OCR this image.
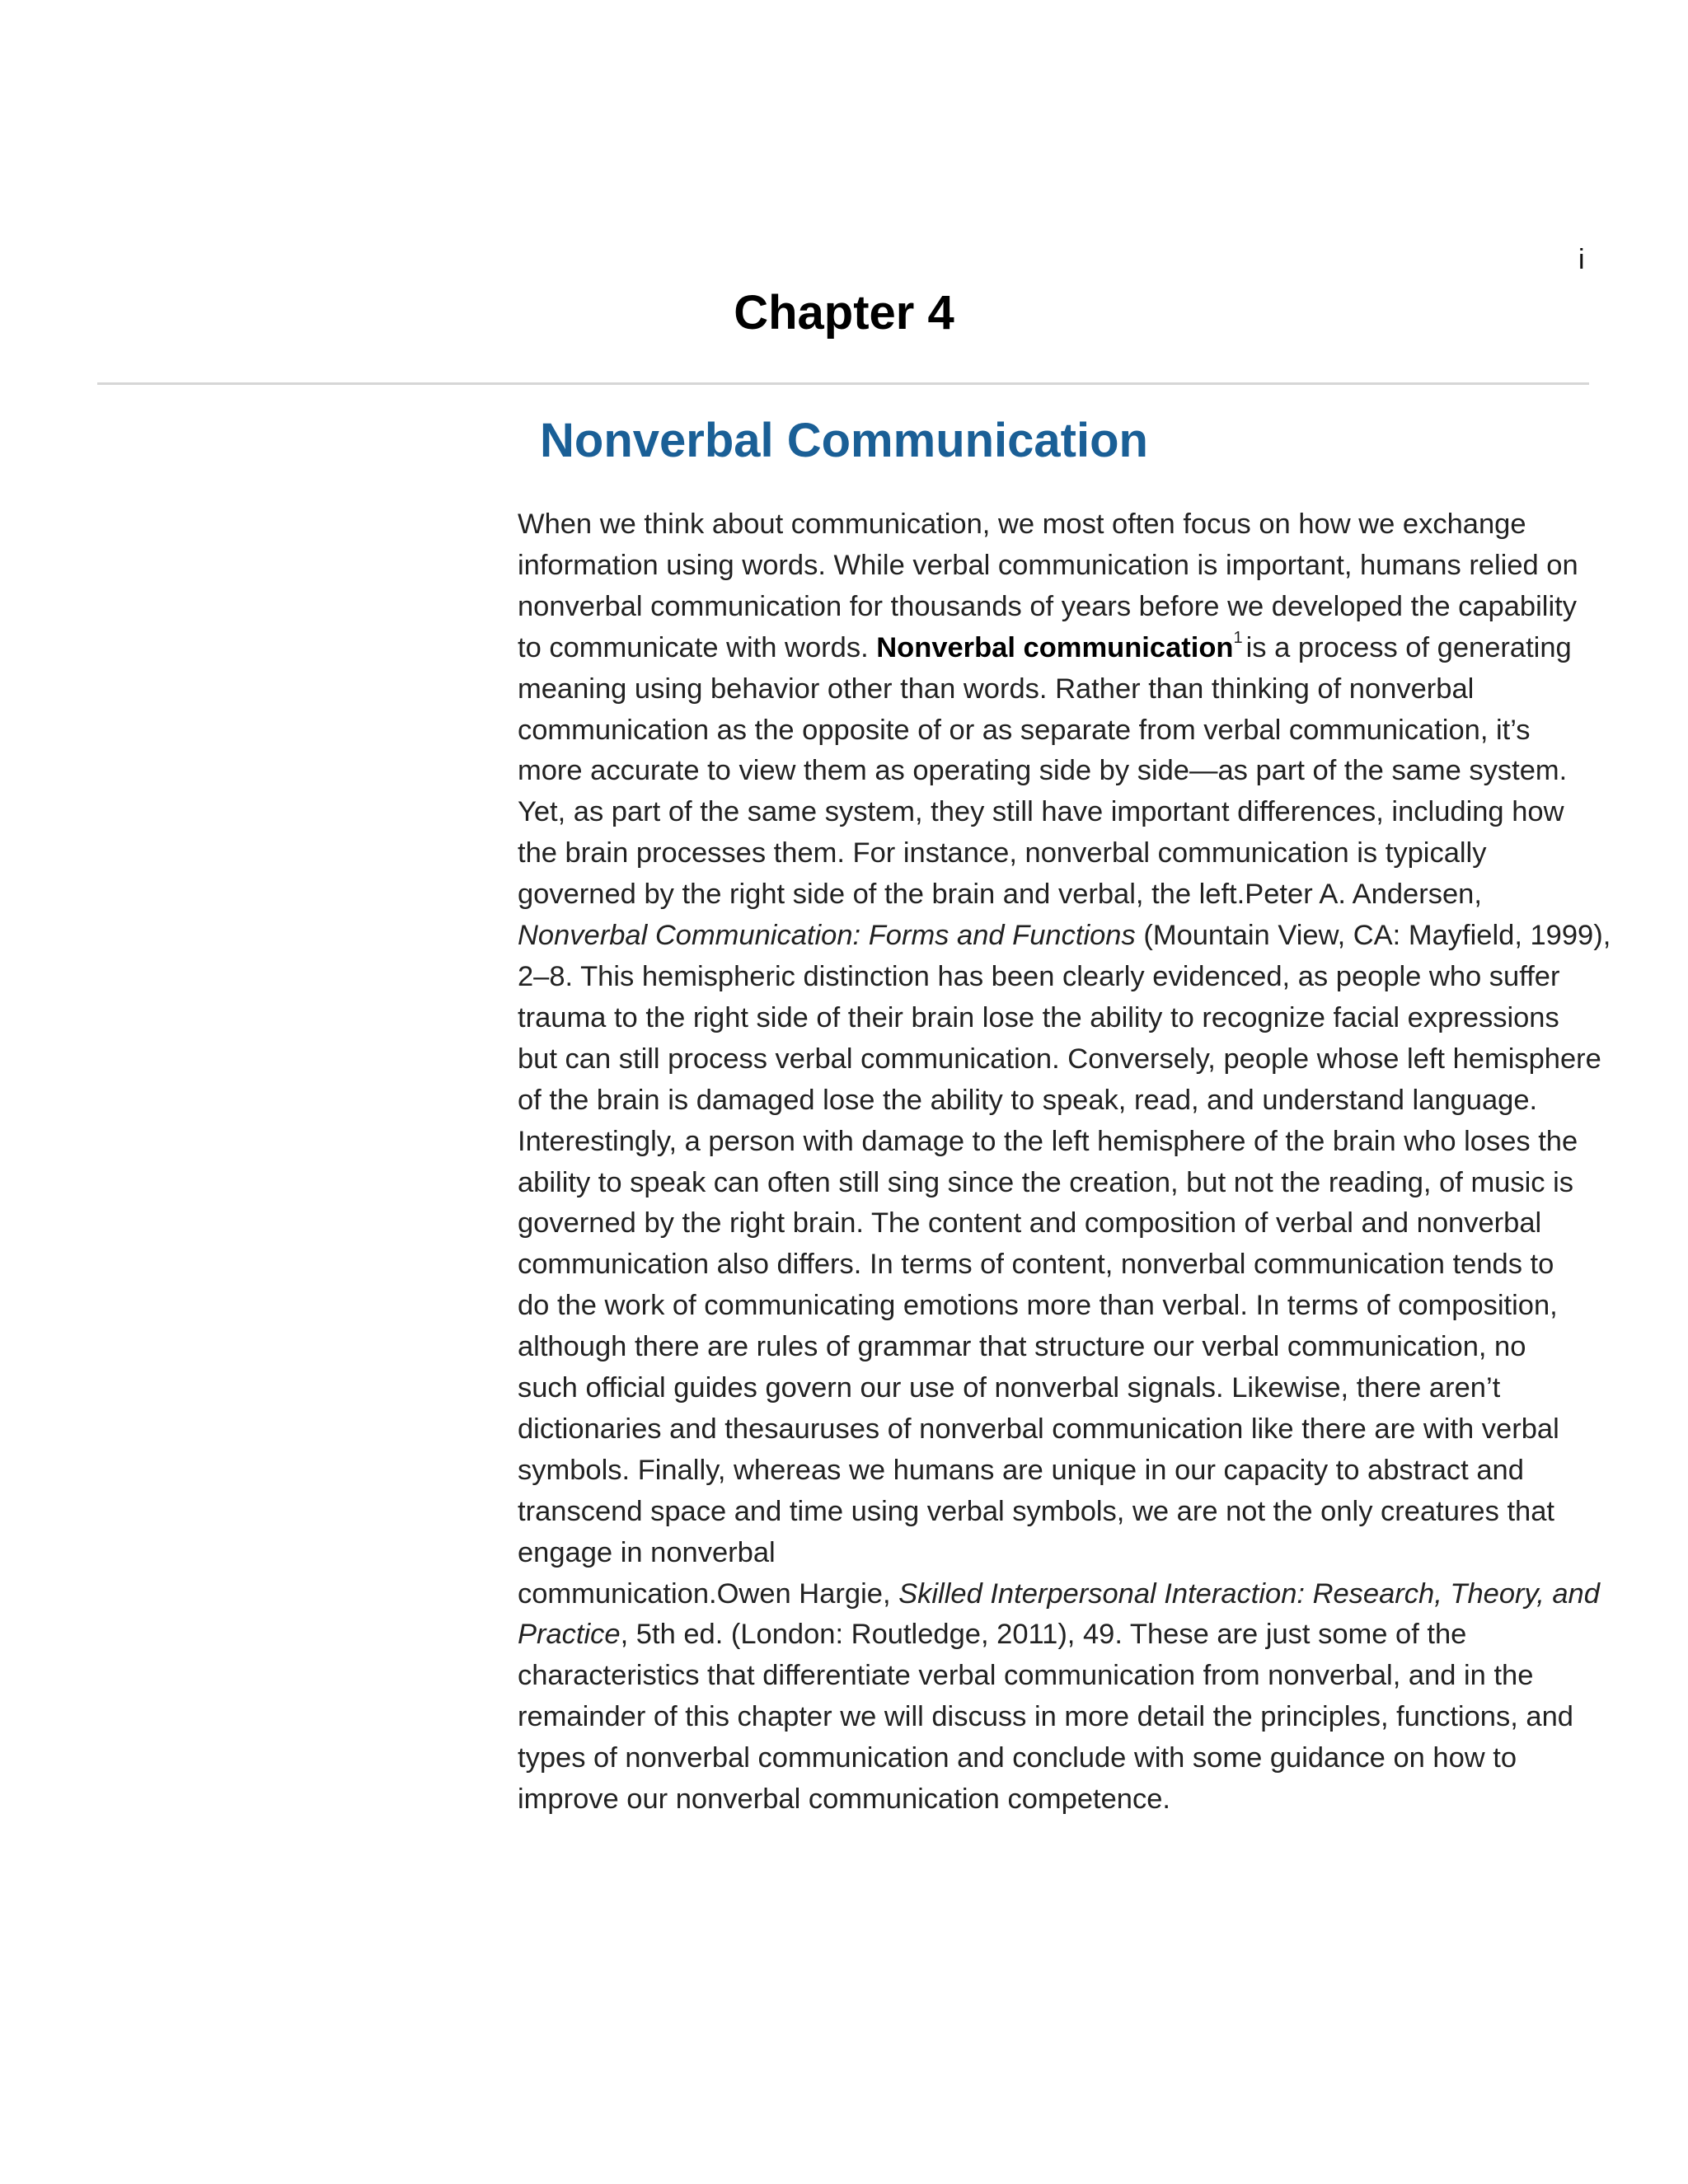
i
Chapter 4
Nonverbal Communication
When we think about communication, we most often focus on how we exchange
information using words. While verbal communication is important, humans relied on
nonverbal communication for thousands of years before we developed the capability
to communicate with words. Nonverbal communication$^1$ is a process of generating
meaning using behavior other than words. Rather than thinking of nonverbal
communication as the opposite of or as separate from verbal communication, it’s
more accurate to view them as operating side by side—as part of the same system.
Yet, as part of the same system, they still have important differences, including how
the brain processes them. For instance, nonverbal communication is typically
governed by the right side of the brain and verbal, the left.Peter A. Andersen,
Nonverbal Communication: Forms and Functions (Mountain View, CA: Mayfield, 1999),
2–8. This hemispheric distinction has been clearly evidenced, as people who suffer
trauma to the right side of their brain lose the ability to recognize facial expressions
but can still process verbal communication. Conversely, people whose left hemisphere
of the brain is damaged lose the ability to speak, read, and understand language.
Interestingly, a person with damage to the left hemisphere of the brain who loses the
ability to speak can often still sing since the creation, but not the reading, of music is
governed by the right brain. The content and composition of verbal and nonverbal
communication also differs. In terms of content, nonverbal communication tends to
do the work of communicating emotions more than verbal. In terms of composition,
although there are rules of grammar that structure our verbal communication, no
such official guides govern our use of nonverbal signals. Likewise, there aren’t
dictionaries and thesauruses of nonverbal communication like there are with verbal
symbols. Finally, whereas we humans are unique in our capacity to abstract and
transcend space and time using verbal symbols, we are not the only creatures that
engage in nonverbal
communication.Owen Hargie, Skilled Interpersonal Interaction: Research, Theory, and
Practice, 5th ed. (London: Routledge, 2011), 49. These are just some of the
characteristics that differentiate verbal communication from nonverbal, and in the
remainder of this chapter we will discuss in more detail the principles, functions, and
types of nonverbal communication and conclude with some guidance on how to
improve our nonverbal communication competence.
